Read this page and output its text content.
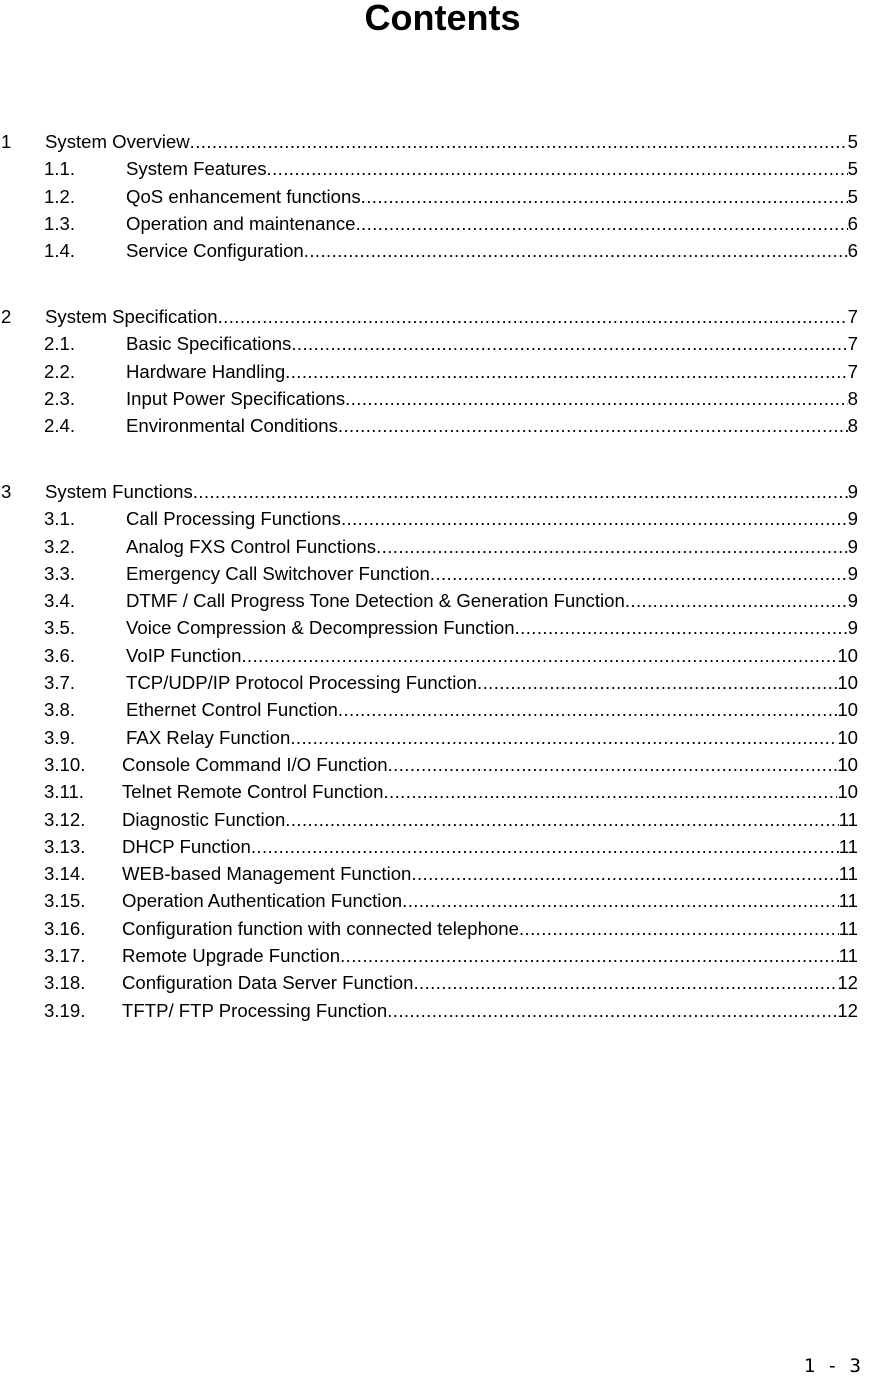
Contents
1	System Overview .....	5
1.1.	System Features .....	5
1.2.	QoS enhancement functions .....	5
1.3.	Operation and maintenance .....	6
1.4.	Service Configuration .....	6
2	System Specification .....	7
2.1.	Basic Specifications .....	7
2.2.	Hardware Handling .....	7
2.3.	Input Power Specifications .....	8
2.4.	Environmental Conditions .....	8
3	System Functions .....	9
3.1.	Call Processing Functions .....	9
3.2.	Analog FXS Control Functions .....	9
3.3.	Emergency Call Switchover Function .....	9
3.4.	DTMF / Call Progress Tone Detection & Generation Function .....	9
3.5.	Voice Compression & Decompression Function .....	9
3.6.	VoIP Function .....	10
3.7.	TCP/UDP/IP Protocol Processing Function .....	10
3.8.	Ethernet Control Function .....	10
3.9.	FAX Relay Function .....	10
3.10.	Console Command I/O Function .....	10
3.11.	Telnet Remote Control Function .....	10
3.12.	Diagnostic Function .....	11
3.13.	DHCP Function .....	11
3.14.	WEB-based Management Function .....	11
3.15.	Operation Authentication Function .....	11
3.16.	Configuration function with connected telephone .....	11
3.17.	Remote Upgrade Function .....	11
3.18.	Configuration Data Server Function .....	12
3.19.	TFTP/ FTP Processing Function .....	12
1 - 3
